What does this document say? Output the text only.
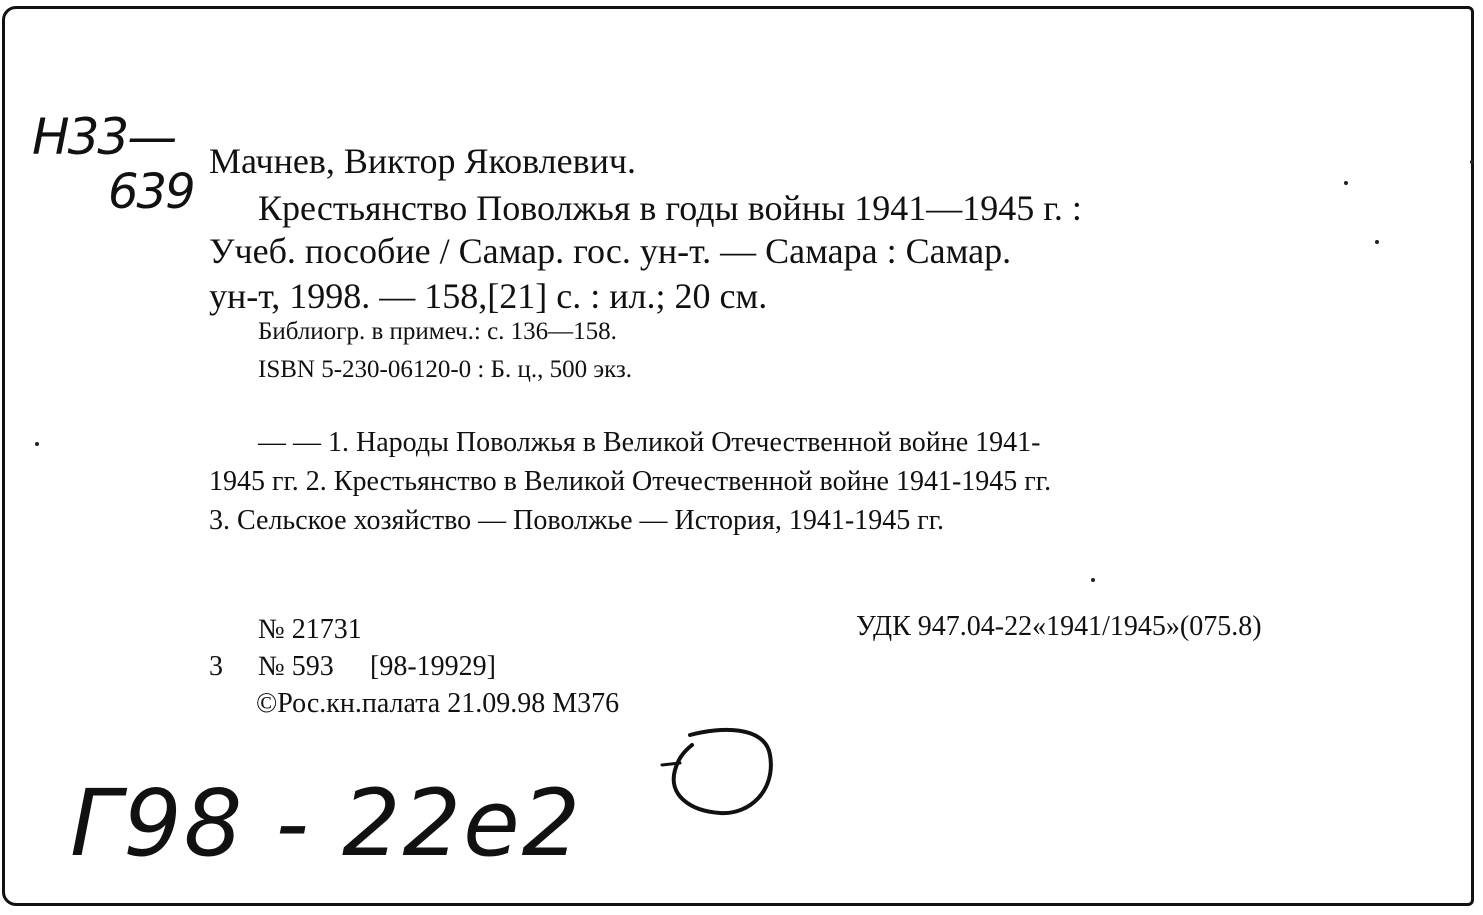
Н33—
639
Мачнев, Виктор Яковлевич.
Крестьянство Поволжья в годы войны 1941—1945 г. :
Учеб. пособие / Самар. гос. ун-т. — Самара : Самар.
ун-т, 1998. — 158,[21] с. : ил.; 20 см.
Библиогр. в примеч.: с. 136—158.
ISBN 5-230-06120-0 : Б. ц., 500 экз.
— — 1. Народы Поволжья в Великой Отечественной войне 1941-
1945 гг. 2. Крестьянство в Великой Отечественной войне 1941-1945 гг.
3. Сельское хозяйство — Поволжье — История, 1941-1945 гг.
№ 21731	УДК 947.04-22«1941/1945»(075.8)
3 № 593 [98-19929]
©Рос.кн.палата 21.09.98 М376
Г98 - 22е2
